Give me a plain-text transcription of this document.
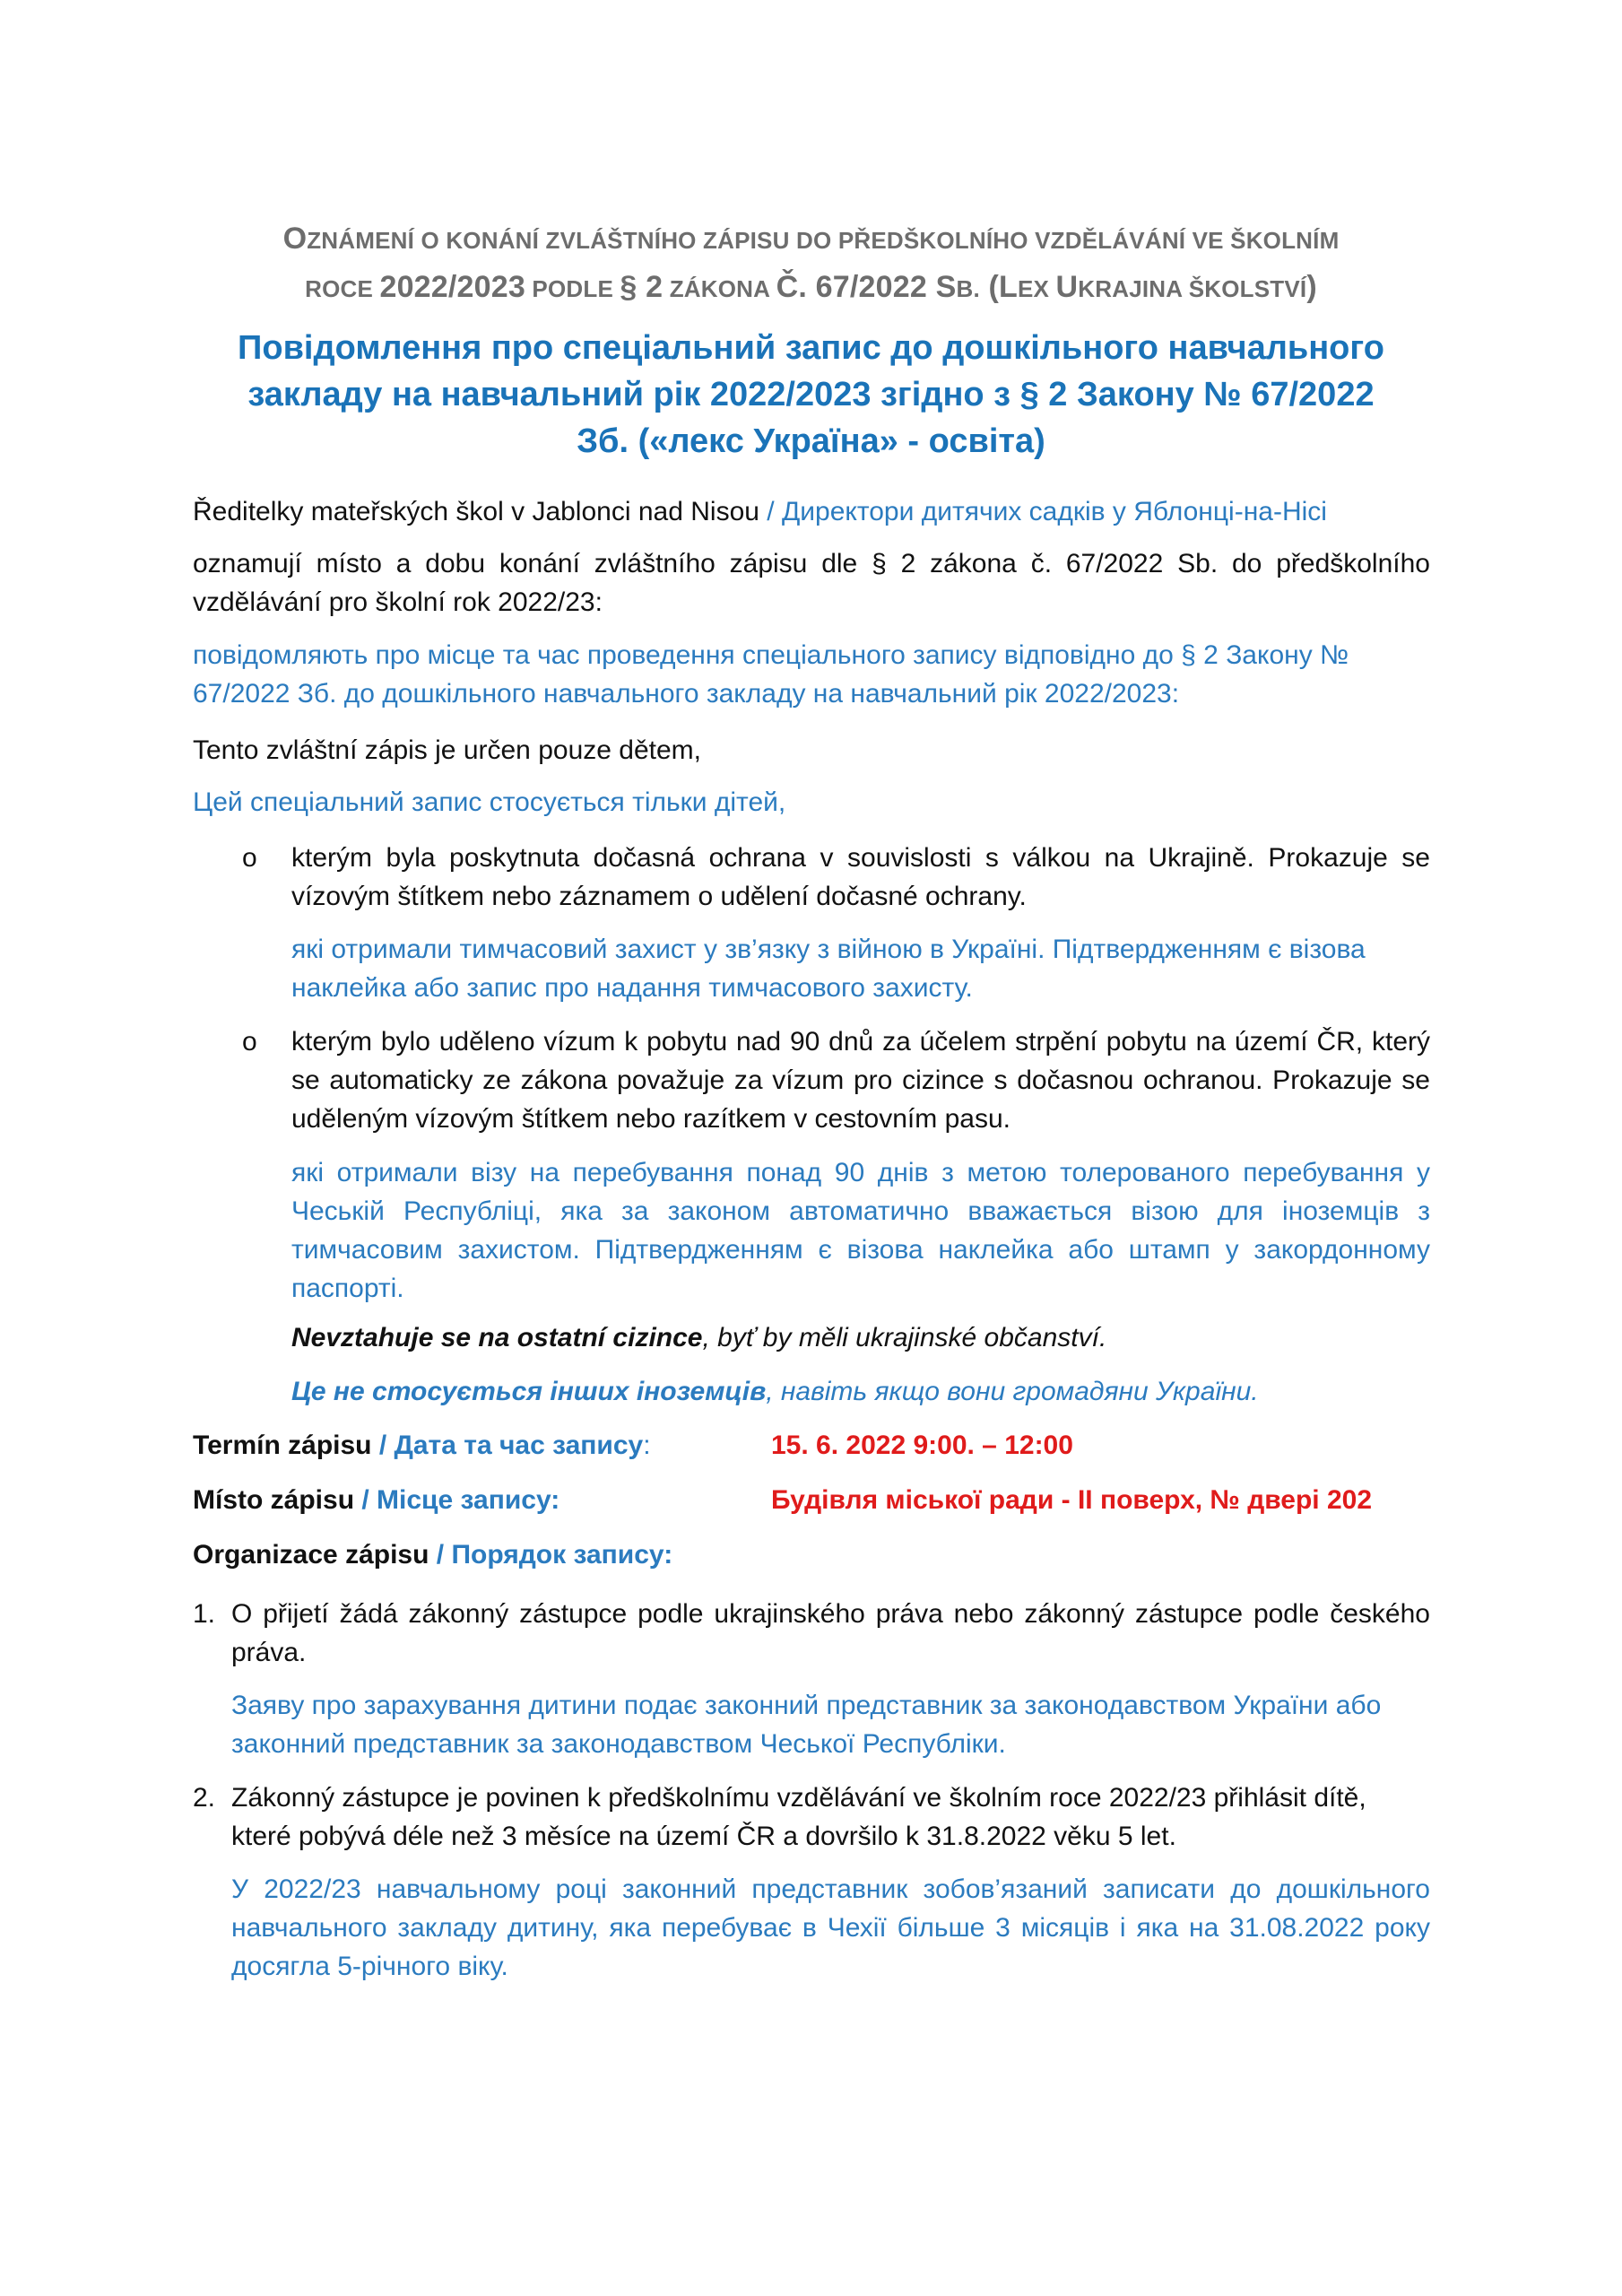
OZNÁMENÍ O KONÁNÍ ZVLÁŠTNÍHO ZÁPISU DO PŘEDŠKOLNÍHO VZDĚLÁVÁNÍ VE ŠKOLNÍM
ROCE 2022/2023 PODLE § 2 ZÁKONA Č. 67/2022 SB. (LEX UKRAJINA ŠKOLSTVÍ)
Повідомлення про спеціальний запис до дошкільного навчального
закладу на навчальний рік 2022/2023 згідно з § 2 Закону № 67/2022
Зб. («лекс Україна» - освіта)
Ředitelky mateřských škol v Jablonci nad Nisou / Директори дитячих садків у Яблонці-на-Нісі
oznamují místo a dobu konání zvláštního zápisu dle § 2 zákona č. 67/2022 Sb. do předškolního vzdělávání pro školní rok 2022/23:
повідомляють про місце та час проведення спеціального запису відповідно до § 2 Закону № 67/2022 Зб. до дошкільного навчального закладу на навчальний рік 2022/2023:
Tento zvláštní zápis je určen pouze dětem,
Цей спеціальний запис стосується тільки дітей,
o kterým byla poskytnuta dočasná ochrana v souvislosti s válkou na Ukrajině. Prokazuje se vízovým štítkem nebo záznamem o udělení dočasné ochrany.
які отримали тимчасовий захист у зв’язку з війною в Україні. Підтвердженням є візова наклейка або запис про надання тимчасового захисту.
o kterým bylo uděleno vízum k pobytu nad 90 dnů za účelem strpění pobytu na území ČR, který se automaticky ze zákona považuje za vízum pro cizince s dočasnou ochranou. Prokazuje se uděleným vízovým štítkem nebo razítkem v cestovním pasu.
які отримали візу на перебування понад 90 днів з метою толерованого перебування у Чеській Республіці, яка за законом автоматично вважається візою для іноземців з тимчасовим захистом. Підтвердженням є візова наклейка або штамп у закордонному паспорті.
Nevztahuje se na ostatní cizince, byť by měli ukrajinské občanství.
Це не стосується інших іноземців, навіть якщо вони громадяни України.
Termín zápisu / Дата та час запису:	15. 6. 2022 9:00. – 12:00
Místo zápisu / Місце запису:	Будівля міської ради - II поверх, № двері 202
Organizace zápisu / Порядок запису:
1. O přijetí žádá zákonný zástupce podle ukrajinského práva nebo zákonný zástupce podle českého práva.
Заяву про зарахування дитини подає законний представник за законодавством України або законний представник за законодавством Чеської Республіки.
2. Zákonný zástupce je povinen k předškolnímu vzdělávání ve školním roce 2022/23 přihlásit dítě, které pobývá déle než 3 měsíce na území ČR a dovršilo k 31.8.2022 věku 5 let.
У 2022/23 навчальному році законний представник зобов’язаний записати до дошкільного навчального закладу дитину, яка перебуває в Чехії більше 3 місяців і яка на 31.08.2022 року досягла 5-річного віку.
